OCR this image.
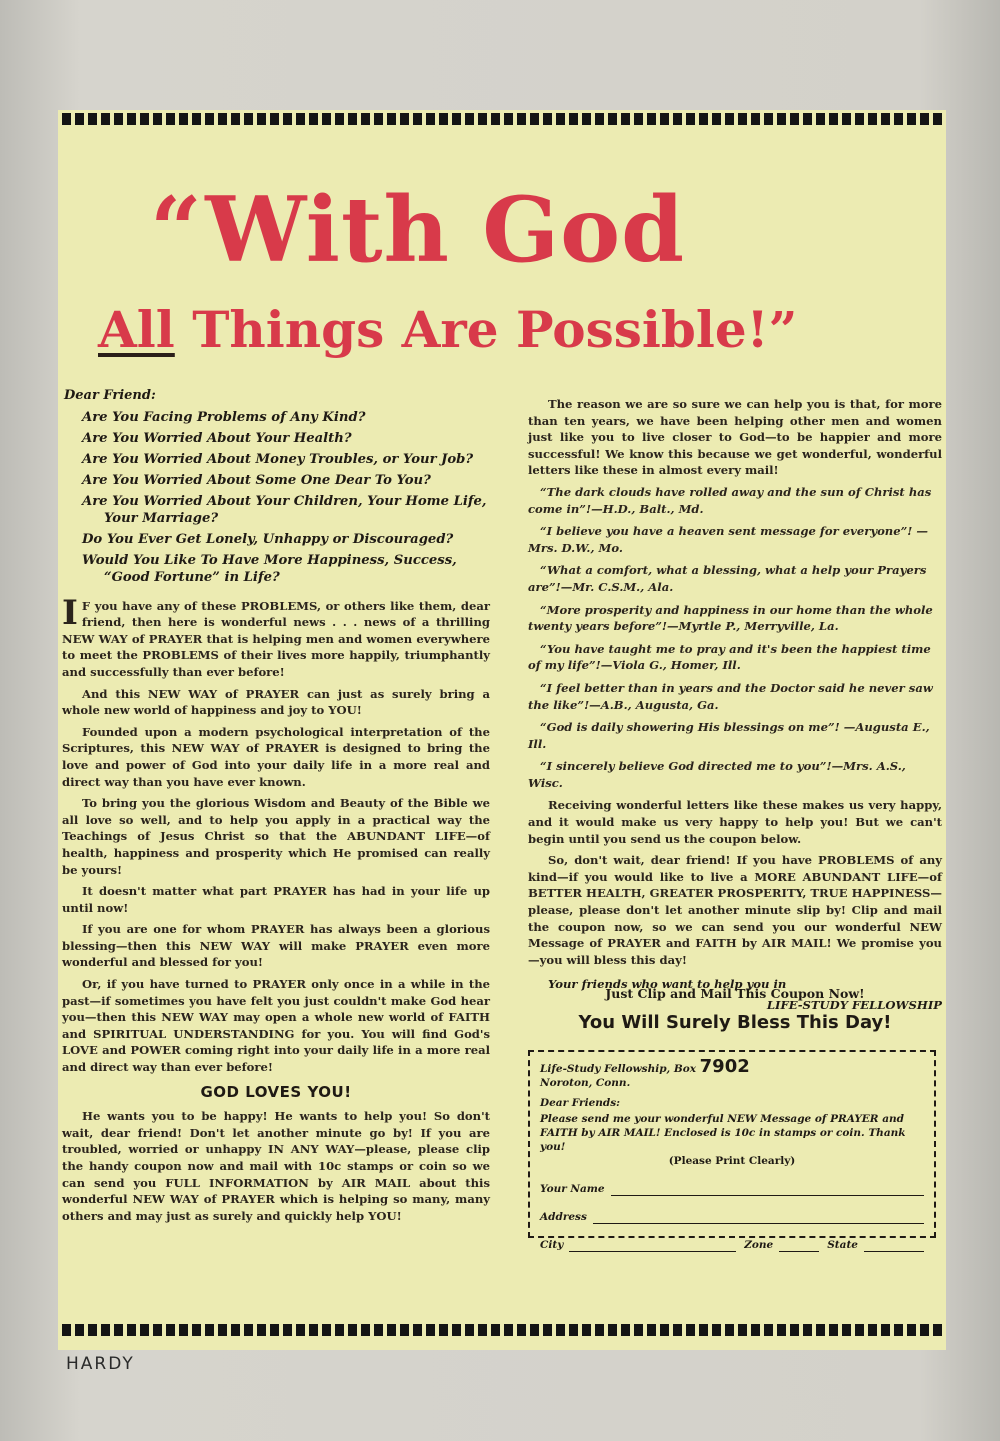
“With God
All Things Are Possible!”
Dear Friend:
Are You Facing Problems of Any Kind?
Are You Worried About Your Health?
Are You Worried About Money Troubles, or Your Job?
Are You Worried About Some One Dear To You?
Are You Worried About Your Children, Your Home Life, Your Marriage?
Do You Ever Get Lonely, Unhappy or Discouraged?
Would You Like To Have More Happiness, Success, “Good Fortune” in Life?

I F you have any of these PROBLEMS, or others like them, dear friend, then here is wonderful news . . . news of a thrilling NEW WAY of PRAYER that is helping men and women everywhere to meet the PROBLEMS of their lives more happily, triumphantly and successfully than ever before!

And this NEW WAY of PRAYER can just as surely bring a whole new world of happiness and joy to YOU!

Founded upon a modern psychological interpretation of the Scriptures, this NEW WAY of PRAYER is designed to bring the love and power of God into your daily life in a more real and direct way than you have ever known.

To bring you the glorious Wisdom and Beauty of the Bible we all love so well, and to help you apply in a practical way the Teachings of Jesus Christ so that the ABUNDANT LIFE—of health, happiness and prosperity which He promised can really be yours!

It doesn't matter what part PRAYER has had in your life up until now!

If you are one for whom PRAYER has always been a glorious blessing—then this NEW WAY will make PRAYER even more wonderful and blessed for you!

Or, if you have turned to PRAYER only once in a while in the past—if sometimes you have felt you just couldn't make God hear you—then this NEW WAY may open a whole new world of FAITH and SPIRITUAL UNDERSTANDING for you. You will find God's LOVE and POWER coming right into your daily life in a more real and direct way than ever before!

GOD LOVES YOU!

He wants you to be happy! He wants to help you! So don't wait, dear friend! Don't let another minute go by! If you are troubled, worried or unhappy IN ANY WAY—please, please clip the handy coupon now and mail with 10c stamps or coin so we can send you FULL INFORMATION by AIR MAIL about this wonderful NEW WAY of PRAYER which is helping so many, many others and may just as surely and quickly help YOU!

The reason we are so sure we can help you is that, for more than ten years, we have been helping other men and women just like you to live closer to God—to be happier and more successful! We know this because we get wonderful, wonderful letters like these in almost every mail!

“The dark clouds have rolled away and the sun of Christ has come in”!—H.D., Balt., Md.

“I believe you have a heaven sent message for everyone”! —Mrs. D.W., Mo.

“What a comfort, what a blessing, what a help your Prayers are”!—Mr. C.S.M., Ala.

“More prosperity and happiness in our home than the whole twenty years before”!—Myrtle P., Merryville, La.

“You have taught me to pray and it's been the happiest time of my life”!—Viola G., Homer, Ill.

“I feel better than in years and the Doctor said he never saw the like”!—A.B., Augusta, Ga.

“God is daily showering His blessings on me”! —Augusta E., Ill.

“I sincerely believe God directed me to you”!—Mrs. A.S., Wisc.

Receiving wonderful letters like these makes us very happy, and it would make us very happy to help you! But we can't begin until you send us the coupon below.

So, don't wait, dear friend! If you have PROBLEMS of any kind—if you would like to live a MORE ABUNDANT LIFE—of BETTER HEALTH, GREATER PROSPERITY, TRUE HAPPINESS—please, please don't let another minute slip by! Clip and mail the coupon now, so we can send you our wonderful NEW Message of PRAYER and FAITH by AIR MAIL! We promise you—you will bless this day!

Your friends who want to help you in
LIFE-STUDY FELLOWSHIP
Just Clip and Mail This Coupon Now!
You Will Surely Bless This Day!
Life-Study Fellowship, Box 7902
Noroton, Conn.
Dear Friends:
Please send me your wonderful NEW Message of PRAYER and FAITH by AIR MAIL! Enclosed is 10c in stamps or coin. Thank you!
(Please Print Clearly)
Your Name
Address
City	Zone	State
HARDY
